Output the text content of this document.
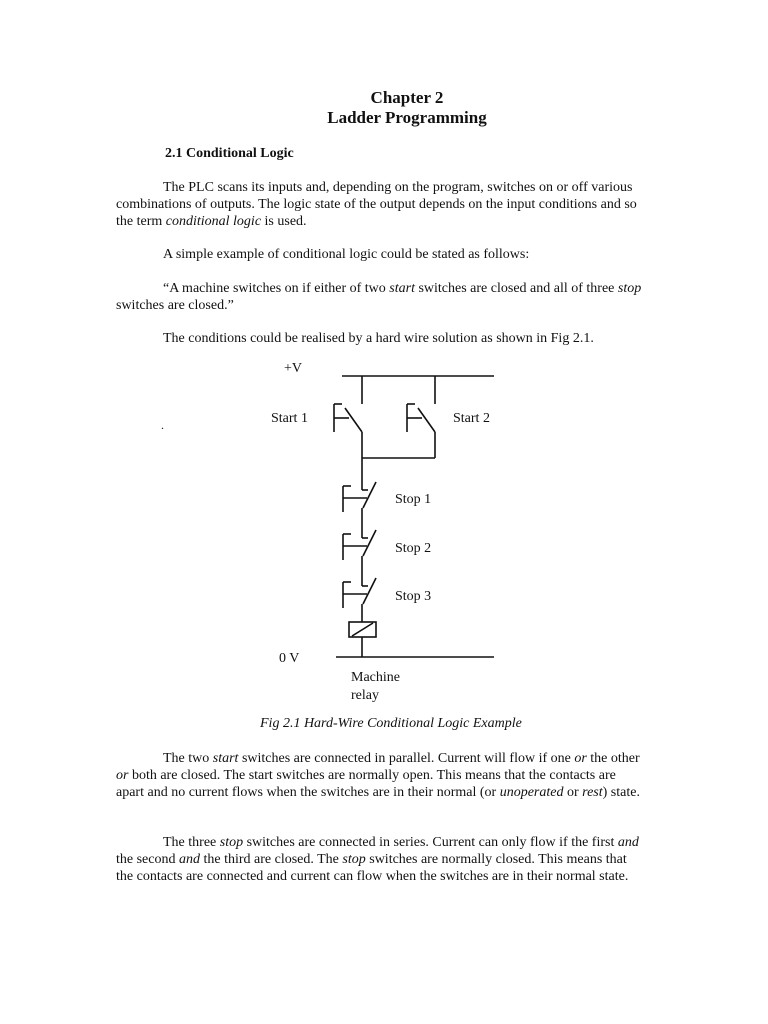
Chapter 2
Ladder Programming
2.1 Conditional Logic

The PLC scans its inputs and, depending on the program, switches on or off various combinations of outputs. The logic state of the output depends on the input conditions and so the term conditional logic is used.

A simple example of conditional logic could be stated as follows:

“A machine switches on if either of two start switches are closed and all of three stop switches are closed.”

The conditions could be realised by a hard wire solution as shown in Fig 2.1.

.
+V
Start 1	Start 2
Stop 1
Stop 2
Stop 3
0 V
Machine
relay
Fig 2.1 Hard-Wire Conditional Logic Example

The two start switches are connected in parallel. Current will flow if one or the other or both are closed. The start switches are normally open. This means that the contacts are apart and no current flows when the switches are in their normal (or unoperated or rest) state.

The three stop switches are connected in series. Current can only flow if the first and the second and the third are closed. The stop switches are normally closed. This means that the contacts are connected and current can flow when the switches are in their normal state.
